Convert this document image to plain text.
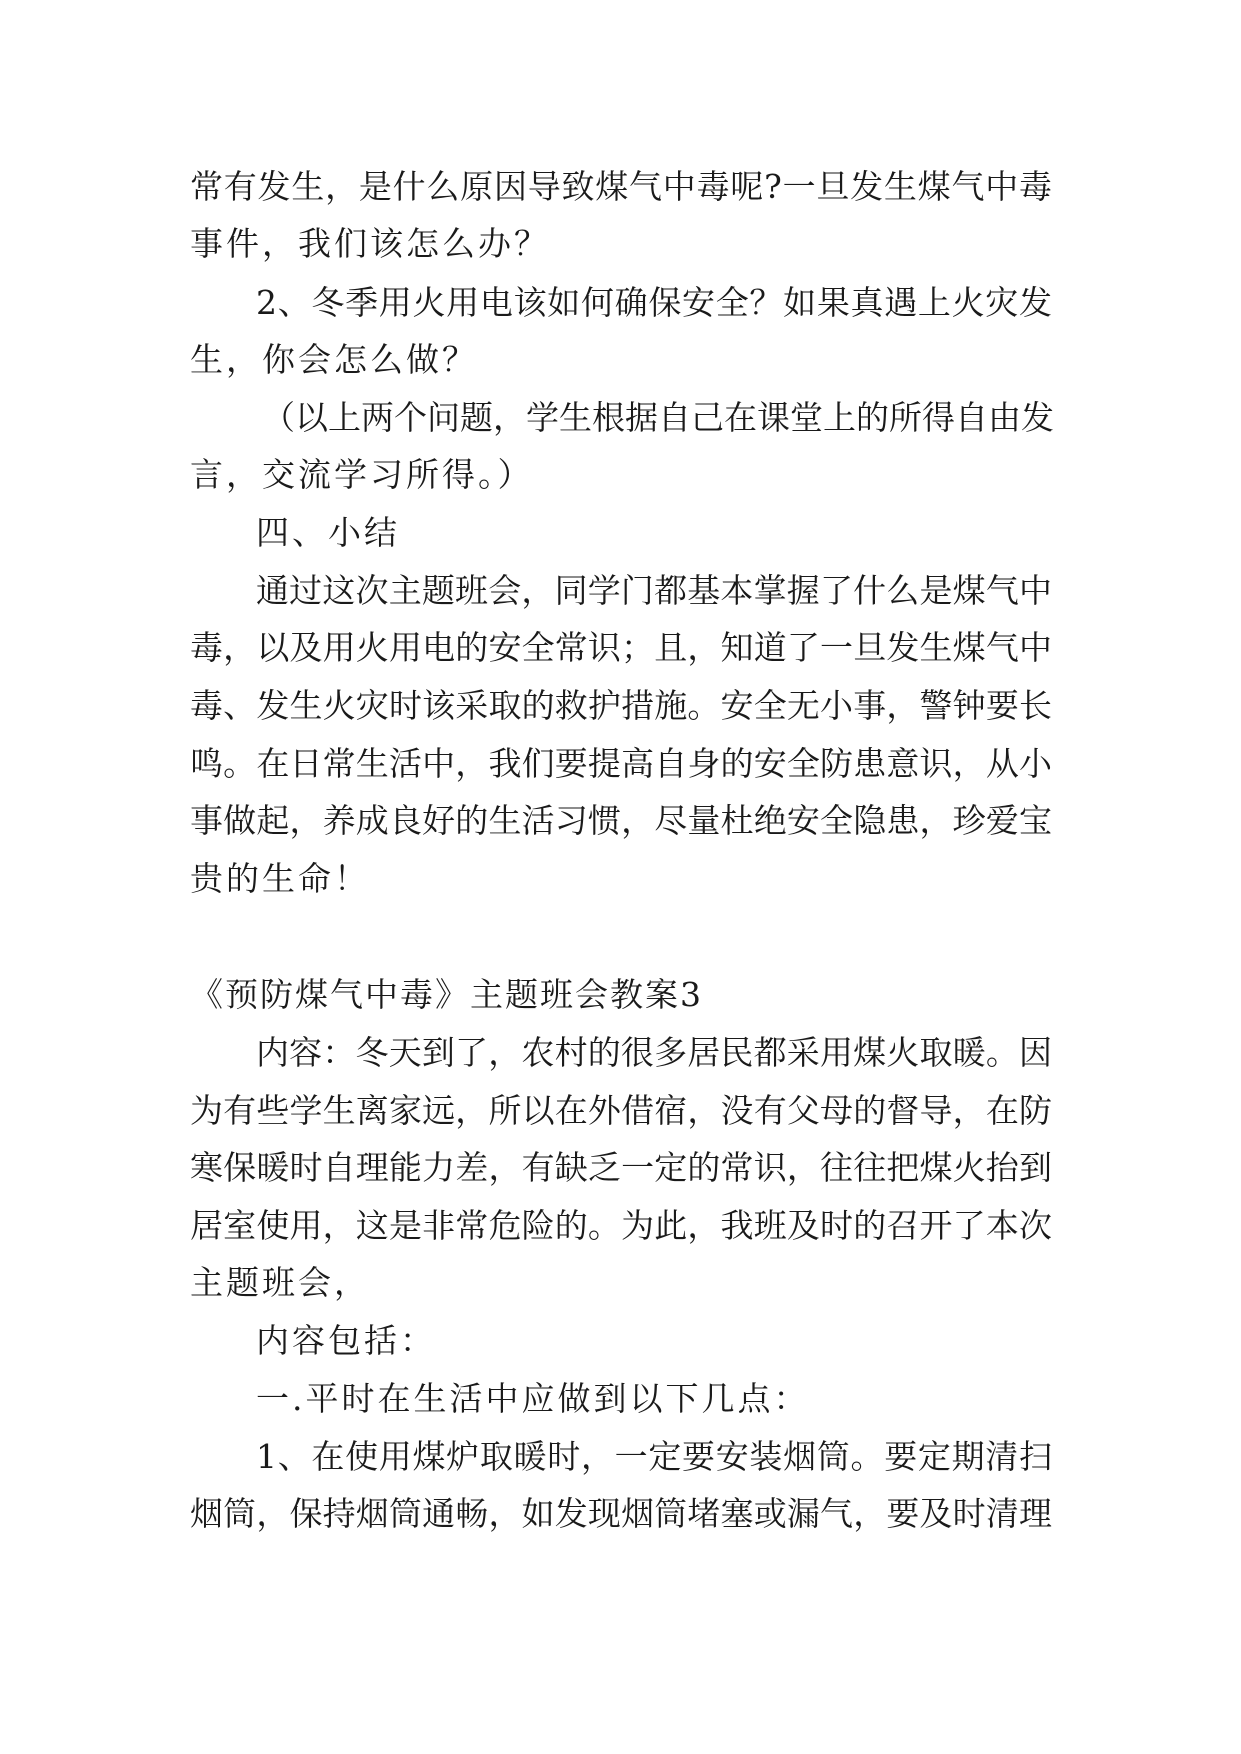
常有发生，是什么原因导致煤气中毒呢?一旦发生煤气中毒
事件，我们该怎么办？
2、冬季用火用电该如何确保安全？如果真遇上火灾发
生，你会怎么做？
（以上两个问题，学生根据自己在课堂上的所得自由发
言，交流学习所得。）
四、小结
通过这次主题班会，同学门都基本掌握了什么是煤气中
毒，以及用火用电的安全常识；且，知道了一旦发生煤气中
毒、发生火灾时该采取的救护措施。安全无小事，警钟要长
鸣。在日常生活中，我们要提高自身的安全防患意识，从小
事做起，养成良好的生活习惯，尽量杜绝安全隐患，珍爱宝
贵的生命！
《预防煤气中毒》主题班会教案3
内容：冬天到了，农村的很多居民都采用煤火取暖。因
为有些学生离家远，所以在外借宿，没有父母的督导，在防
寒保暖时自理能力差，有缺乏一定的常识，往往把煤火抬到
居室使用，这是非常危险的。为此，我班及时的召开了本次
主题班会，
内容包括：
一.平时在生活中应做到以下几点：
1、在使用煤炉取暖时，一定要安装烟筒。要定期清扫
烟筒，保持烟筒通畅，如发现烟筒堵塞或漏气，要及时清理
